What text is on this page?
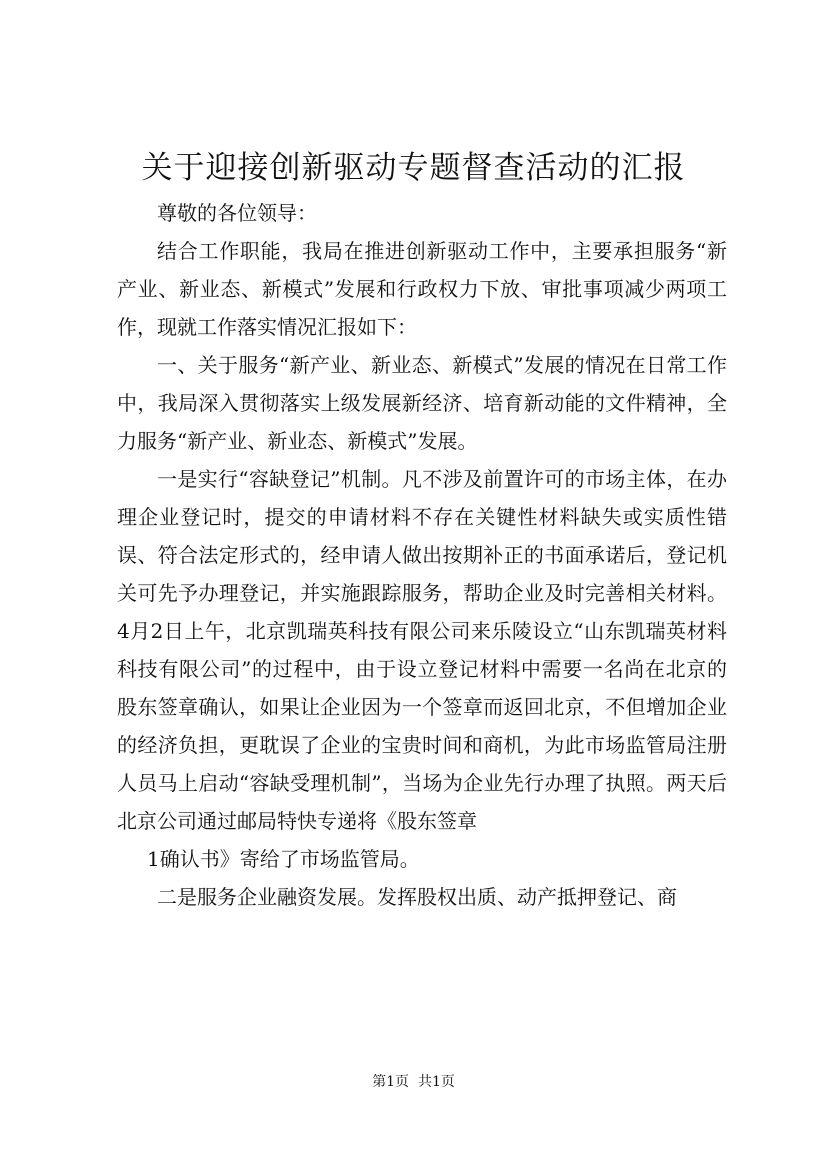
关于迎接创新驱动专题督查活动的汇报

尊敬的各位领导：

结合工作职能，我局在推进创新驱动工作中，主要承担服务“新产业、新业态、新模式”发展和行政权力下放、审批事项减少两项工作，现就工作落实情况汇报如下：

一、关于服务“新产业、新业态、新模式”发展的情况在日常工作中，我局深入贯彻落实上级发展新经济、培育新动能的文件精神，全力服务“新产业、新业态、新模式”发展。

一是实行“容缺登记”机制。凡不涉及前置许可的市场主体，在办理企业登记时，提交的申请材料不存在关键性材料缺失或实质性错误、符合法定形式的，经申请人做出按期补正的书面承诺后，登记机关可先予办理登记，并实施跟踪服务，帮助企业及时完善相关材料。4月2日上午，北京凯瑞英科技有限公司来乐陵设立“山东凯瑞英材料科技有限公司”的过程中，由于设立登记材料中需要一名尚在北京的股东签章确认，如果让企业因为一个签章而返回北京，不但增加企业的经济负担，更耽误了企业的宝贵时间和商机，为此市场监管局注册人员马上启动“容缺受理机制”，当场为企业先行办理了执照。两天后北京公司通过邮局特快专递将《股东签章

1确认书》寄给了市场监管局。

二是服务企业融资发展。发挥股权出质、动产抵押登记、商

第1页  共1页
